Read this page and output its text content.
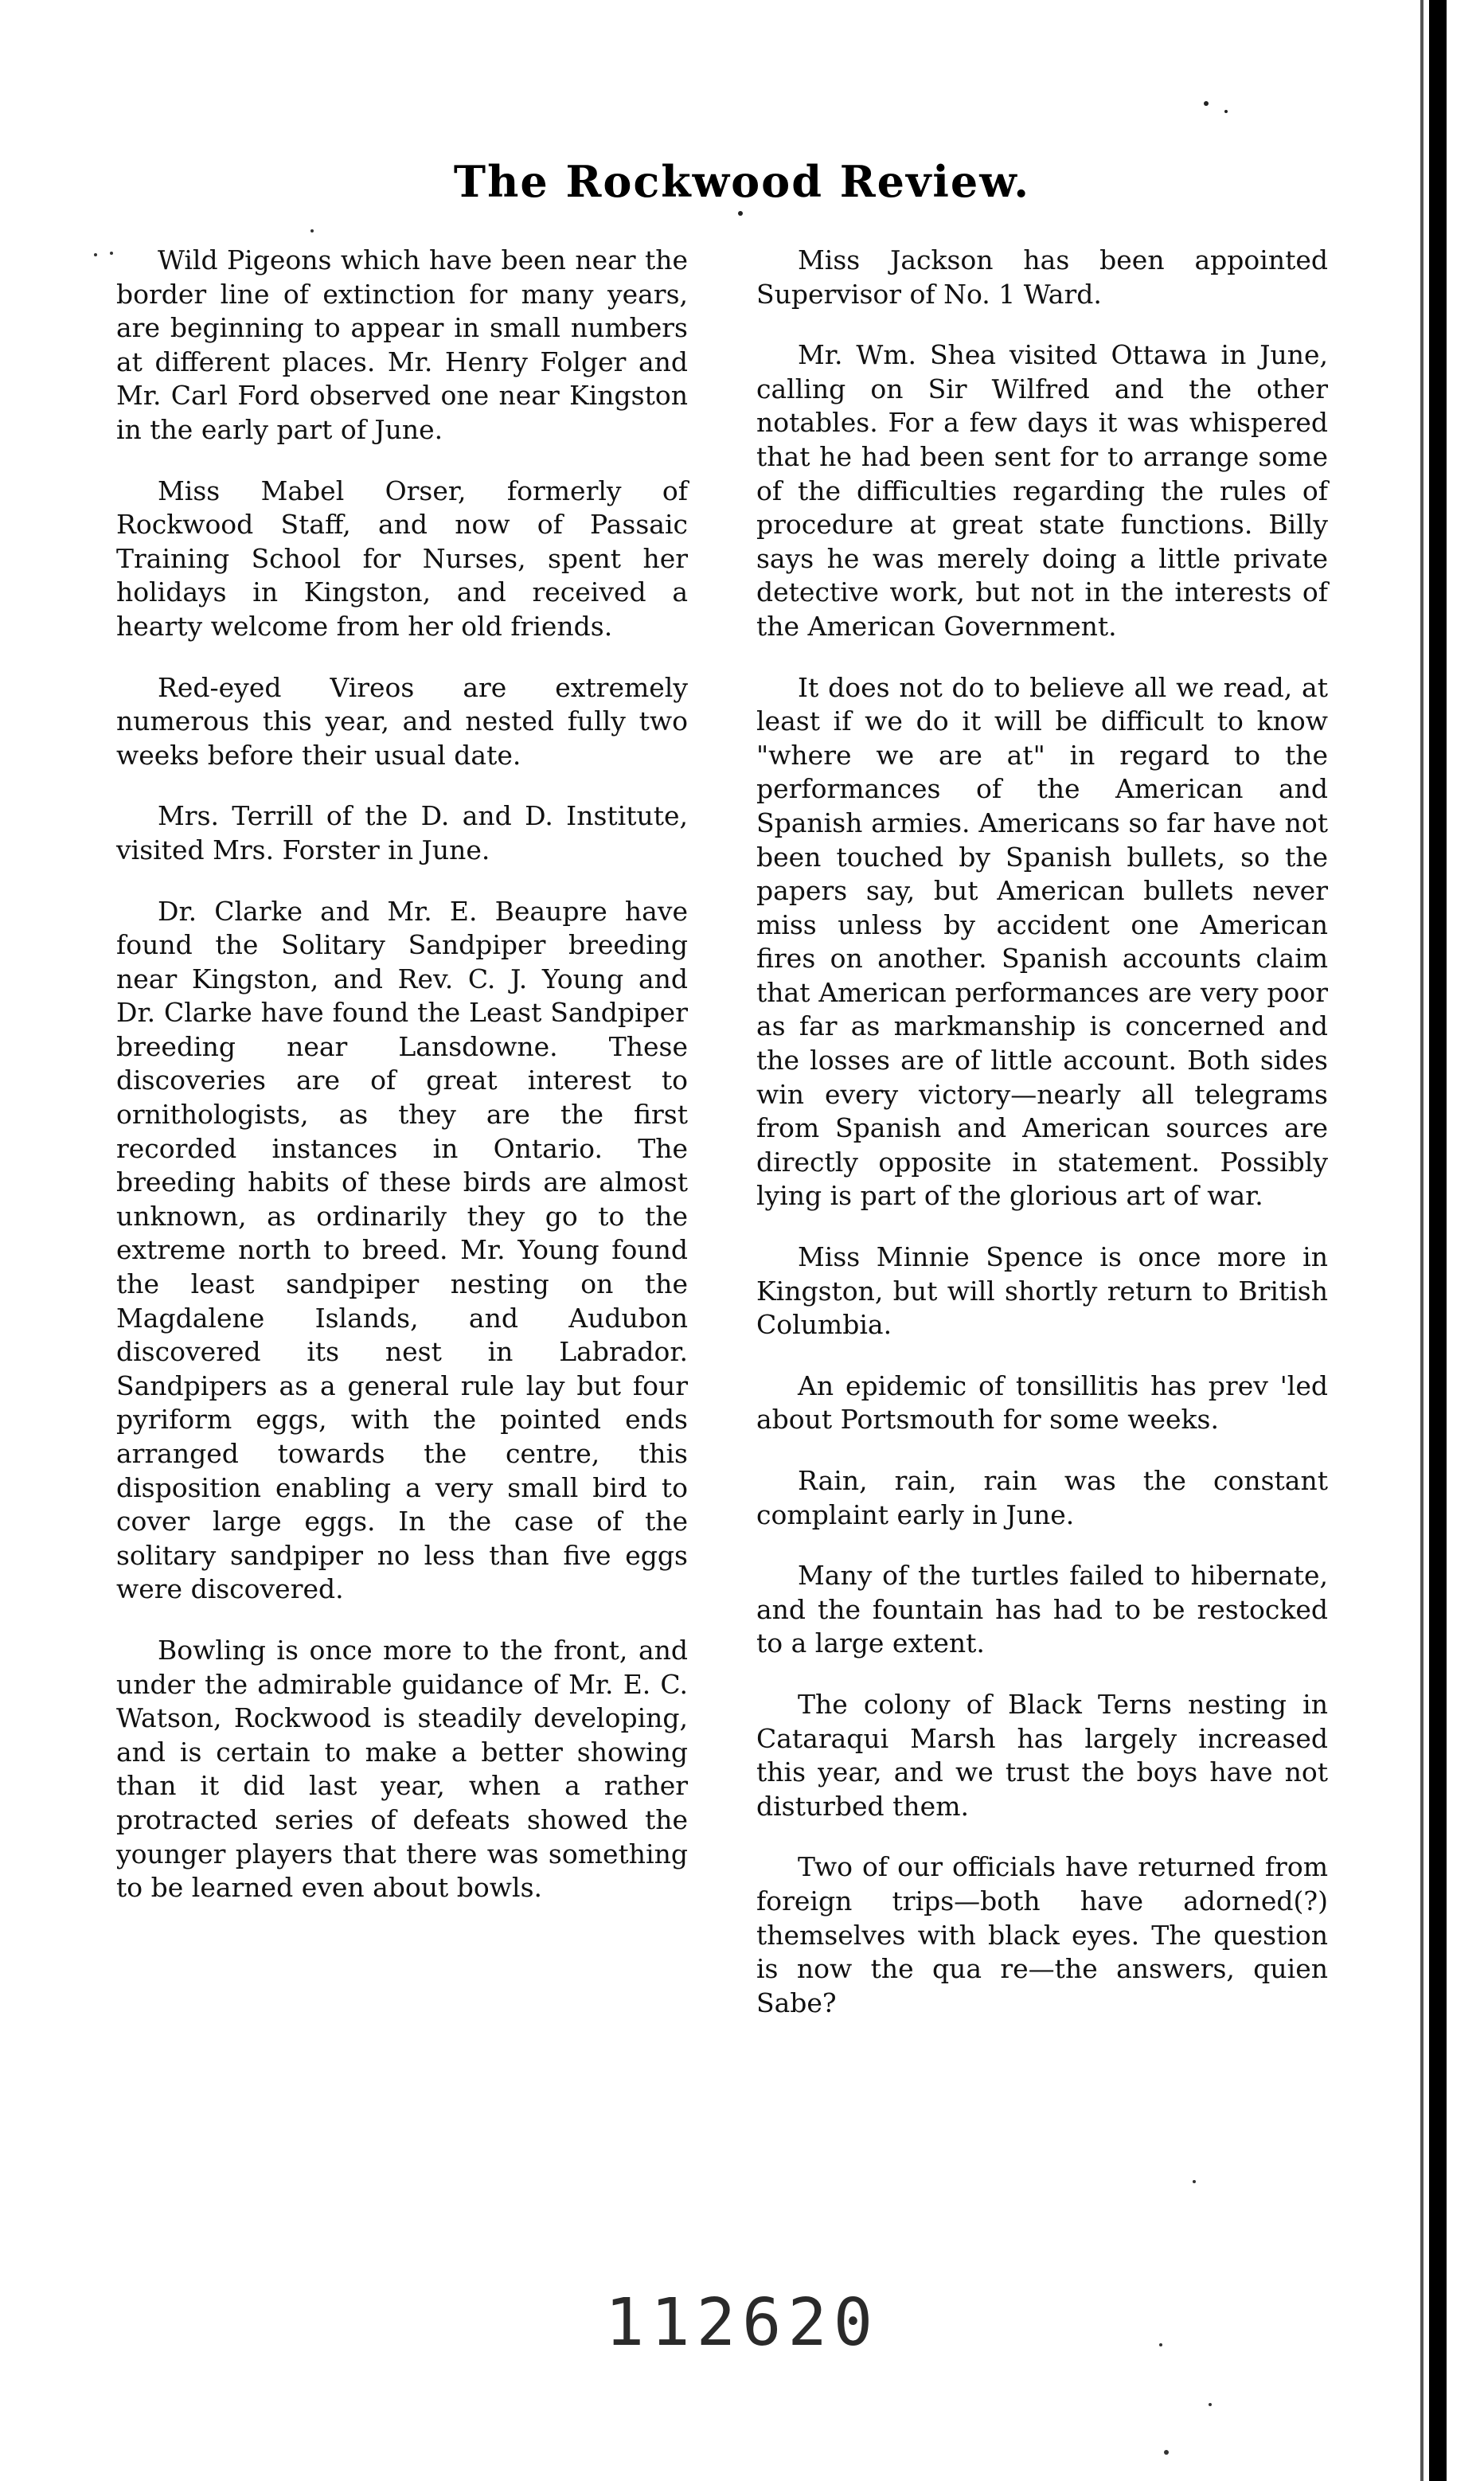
The Rockwood Review.

Wild Pigeons which have been near the border line of extinction for many years, are beginning to appear in small numbers at different places. Mr. Henry Folger and Mr. Carl Ford observed one near Kingston in the early part of June.

Miss Mabel Orser, formerly of Rockwood Staff, and now of Passaic Training School for Nurses, spent her holidays in Kingston, and received a hearty welcome from her old friends.

Red-eyed Vireos are extremely numerous this year, and nested fully two weeks before their usual date.

Mrs. Terrill of the D. and D. Institute, visited Mrs. Forster in June.

Dr. Clarke and Mr. E. Beaupre have found the Solitary Sandpiper breeding near Kingston, and Rev. C. J. Young and Dr. Clarke have found the Least Sandpiper breeding near Lansdowne. These discoveries are of great interest to ornithologists, as they are the first recorded instances in Ontario. The breeding habits of these birds are almost unknown, as ordinarily they go to the extreme north to breed. Mr. Young found the least sandpiper nesting on the Magdalene Islands, and Audubon discovered its nest in Labrador. Sandpipers as a general rule lay but four pyriform eggs, with the pointed ends arranged towards the centre, this disposition enabling a very small bird to cover large eggs. In the case of the solitary sandpiper no less than five eggs were discovered.

Bowling is once more to the front, and under the admirable guidance of Mr. E. C. Watson, Rockwood is steadily developing, and is certain to make a better showing than it did last year, when a rather protracted series of defeats showed the younger players that there was something to be learned even about bowls.

Miss Jackson has been appointed Supervisor of No. 1 Ward.

Mr. Wm. Shea visited Ottawa in June, calling on Sir Wilfred and the other notables. For a few days it was whispered that he had been sent for to arrange some of the difficulties regarding the rules of procedure at great state functions. Billy says he was merely doing a little private detective work, but not in the interests of the American Government.

It does not do to believe all we read, at least if we do it will be difficult to know "where we are at" in regard to the performances of the American and Spanish armies. Americans so far have not been touched by Spanish bullets, so the papers say, but American bullets never miss unless by accident one American fires on another. Spanish accounts claim that American performances are very poor as far as markmanship is concerned and the losses are of little account. Both sides win every victory—nearly all telegrams from Spanish and American sources are directly opposite in statement. Possibly lying is part of the glorious art of war.

Miss Minnie Spence is once more in Kingston, but will shortly return to British Columbia.

An epidemic of tonsillitis has prev 'led about Portsmouth for some weeks.

Rain, rain, rain was the constant complaint early in June.

Many of the turtles failed to hibernate, and the fountain has had to be restocked to a large extent.

The colony of Black Terns nesting in Cataraqui Marsh has largely increased this year, and we trust the boys have not disturbed them.

Two of our officials have returned from foreign trips—both have adorned(?) themselves with black eyes. The question is now the qua re—the answers, quien Sabe?

112620
